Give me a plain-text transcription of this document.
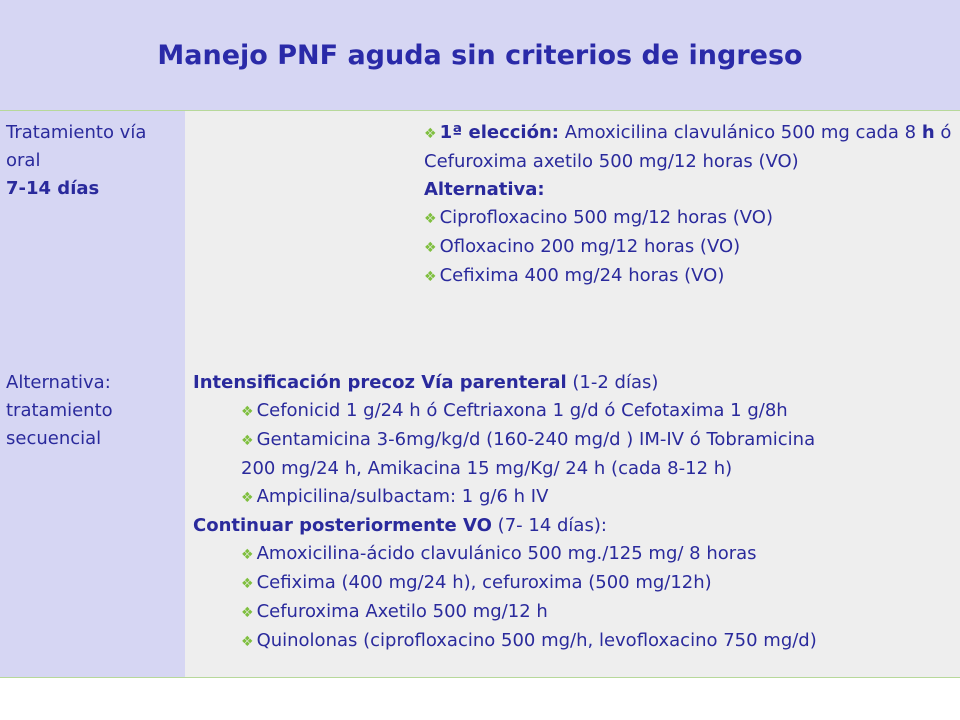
Manejo PNF aguda sin criterios de ingreso
Tratamiento vía
oral
7-14 días
❖ 1ª elección: Amoxicilina clavulánico 500 mg cada 8 h ó
Cefuroxima axetilo 500 mg/12 horas (VO)
Alternativa:
❖ Ciprofloxacino 500 mg/12 horas (VO)
❖ Ofloxacino 200 mg/12 horas (VO)
❖ Cefixima 400 mg/24 horas (VO)
Alternativa:
tratamiento
secuencial
Intensificación precoz Vía parenteral (1-2 días)
❖ Cefonicid 1 g/24 h ó Ceftriaxona 1 g/d ó Cefotaxima 1 g/8h
❖ Gentamicina 3-6mg/kg/d (160-240 mg/d ) IM-IV ó Tobramicina
200 mg/24 h, Amikacina 15 mg/Kg/ 24 h (cada 8-12 h)
❖ Ampicilina/sulbactam: 1 g/6 h IV
Continuar posteriormente VO (7- 14 días):
❖ Amoxicilina-ácido clavulánico 500 mg./125 mg/ 8 horas
❖ Cefixima (400 mg/24 h), cefuroxima (500 mg/12h)
❖ Cefuroxima Axetilo 500 mg/12 h
❖ Quinolonas (ciprofloxacino 500 mg/h, levofloxacino 750 mg/d)
